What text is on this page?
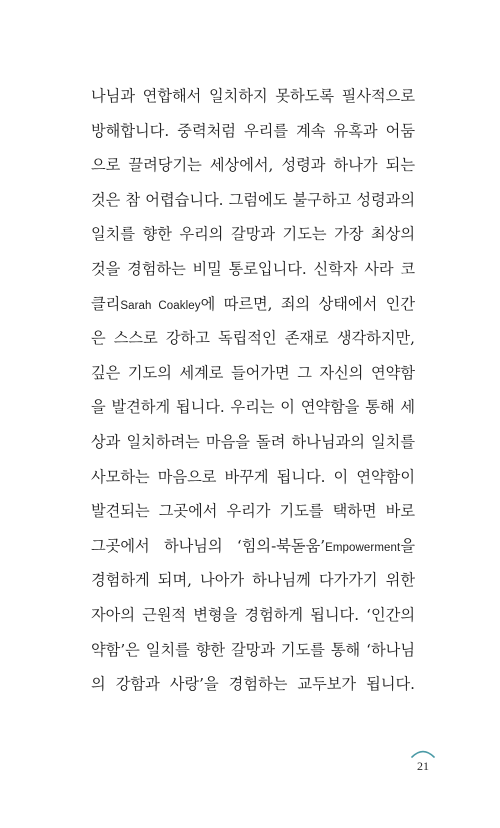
나님과 연합해서 일치하지 못하도록 필사적으로
방해합니다. 중력처럼 우리를 계속 유혹과 어둠
으로 끌려당기는 세상에서, 성령과 하나가 되는
것은 참 어렵습니다. 그럼에도 불구하고 성령과의
일치를 향한 우리의 갈망과 기도는 가장 최상의
것을 경험하는 비밀 통로입니다. 신학자 사라 코
클리Sarah Coakley에 따르면, 죄의 상태에서 인간
은 스스로 강하고 독립적인 존재로 생각하지만,
깊은 기도의 세계로 들어가면 그 자신의 연약함
을 발견하게 됩니다. 우리는 이 연약함을 통해 세
상과 일치하려는 마음을 돌려 하나님과의 일치를
사모하는 마음으로 바꾸게 됩니다. 이 연약함이
발견되는 그곳에서 우리가 기도를 택하면 바로
그곳에서 하나님의 ‘힘의-북돋움’Empowerment을
경험하게 되며, 나아가 하나님께 다가가기 위한
자아의 근원적 변형을 경험하게 됩니다. ‘인간의
약함’은 일치를 향한 갈망과 기도를 통해 ‘하나님
의 강함과 사랑’을 경험하는 교두보가 됩니다.
21
